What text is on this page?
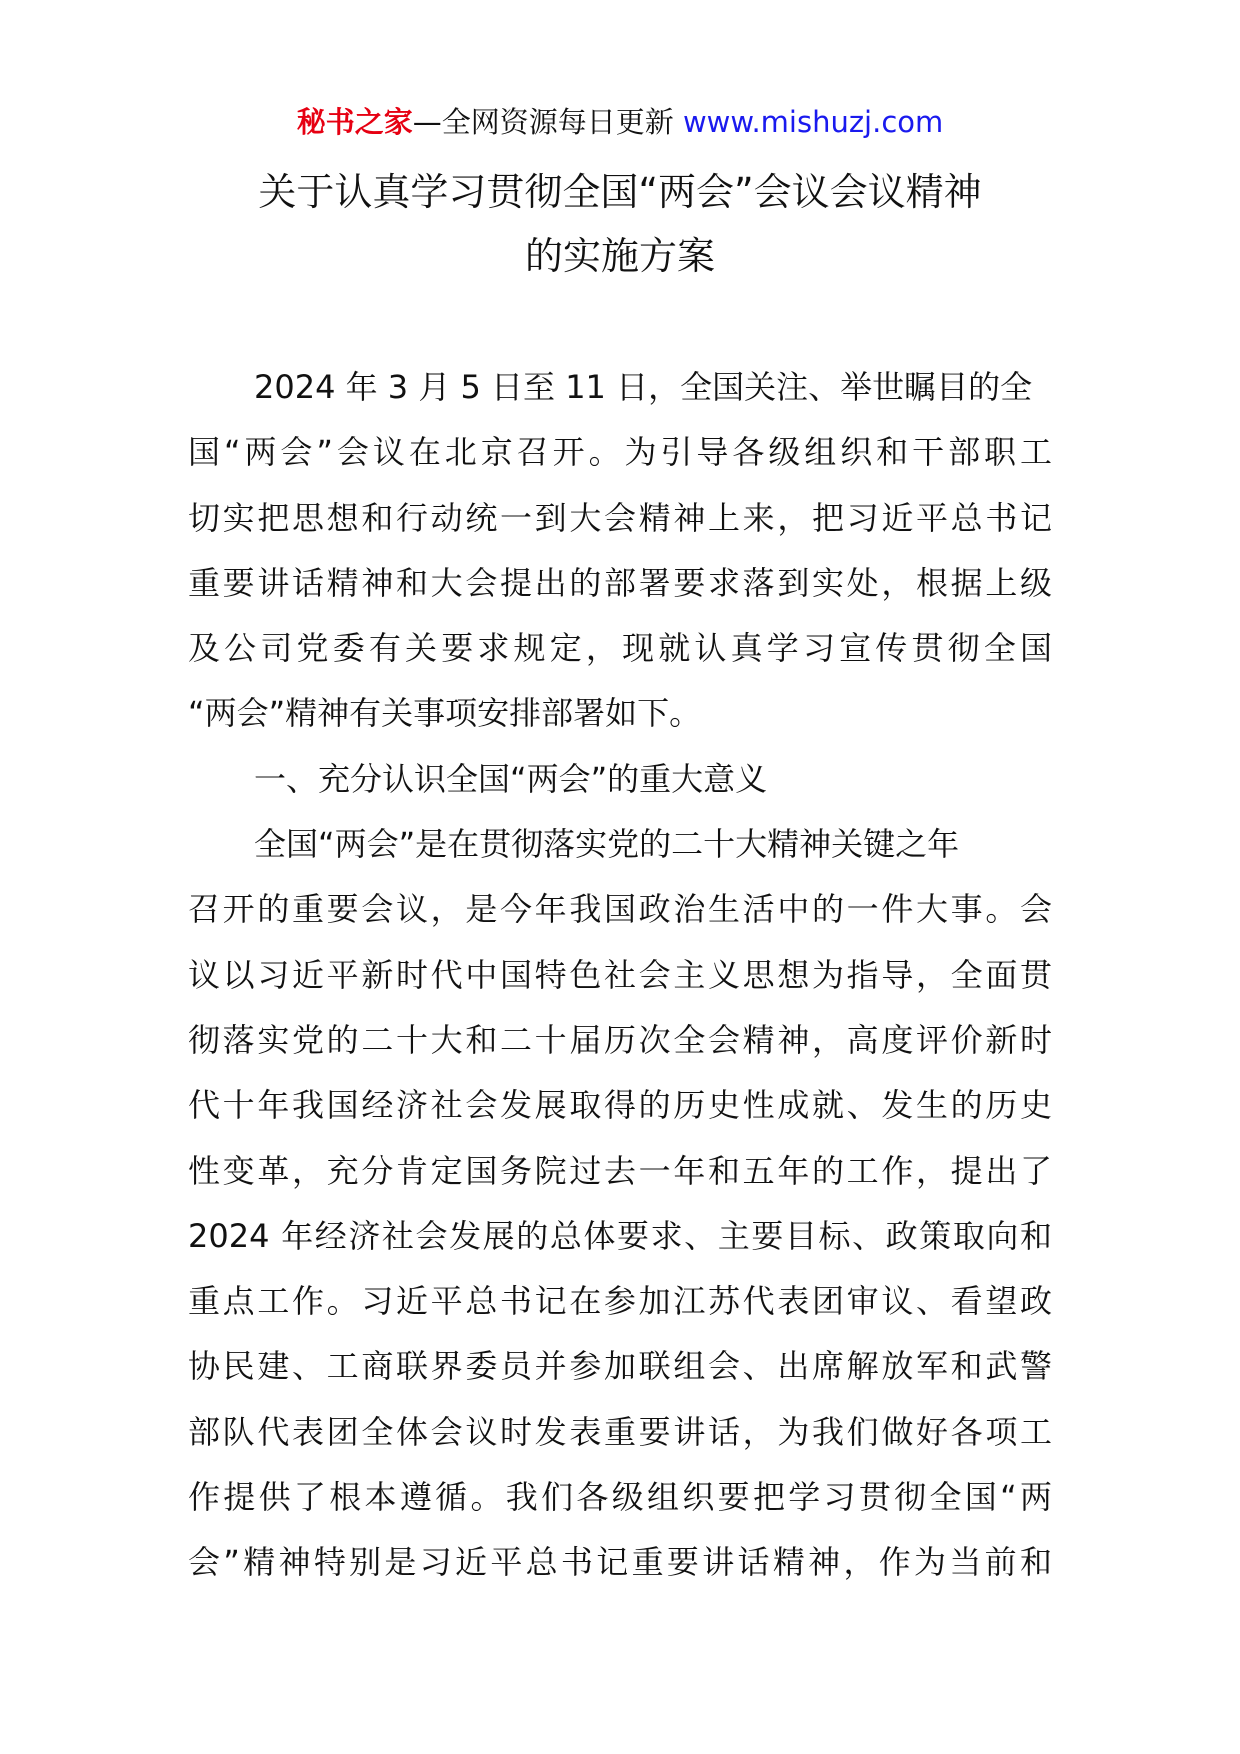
秘书之家—全网资源每日更新 www.mishuzj.com
关于认真学习贯彻全国“两会”会议会议精神
的实施方案
2024 年 3 月 5 日至 11 日，全国关注、举世瞩目的全
国“两会”会议在北京召开。为引导各级组织和干部职工
切实把思想和行动统一到大会精神上来，把习近平总书记
重要讲话精神和大会提出的部署要求落到实处，根据上级
及公司党委有关要求规定，现就认真学习宣传贯彻全国
“两会”精神有关事项安排部署如下。
一、充分认识全国“两会”的重大意义
全国“两会”是在贯彻落实党的二十大精神关键之年
召开的重要会议，是今年我国政治生活中的一件大事。会
议以习近平新时代中国特色社会主义思想为指导，全面贯
彻落实党的二十大和二十届历次全会精神，高度评价新时
代十年我国经济社会发展取得的历史性成就、发生的历史
性变革，充分肯定国务院过去一年和五年的工作，提出了
2024 年经济社会发展的总体要求、主要目标、政策取向和
重点工作。习近平总书记在参加江苏代表团审议、看望政
协民建、工商联界委员并参加联组会、出席解放军和武警
部队代表团全体会议时发表重要讲话，为我们做好各项工
作提供了根本遵循。我们各级组织要把学习贯彻全国“两
会”精神特别是习近平总书记重要讲话精神，作为当前和
